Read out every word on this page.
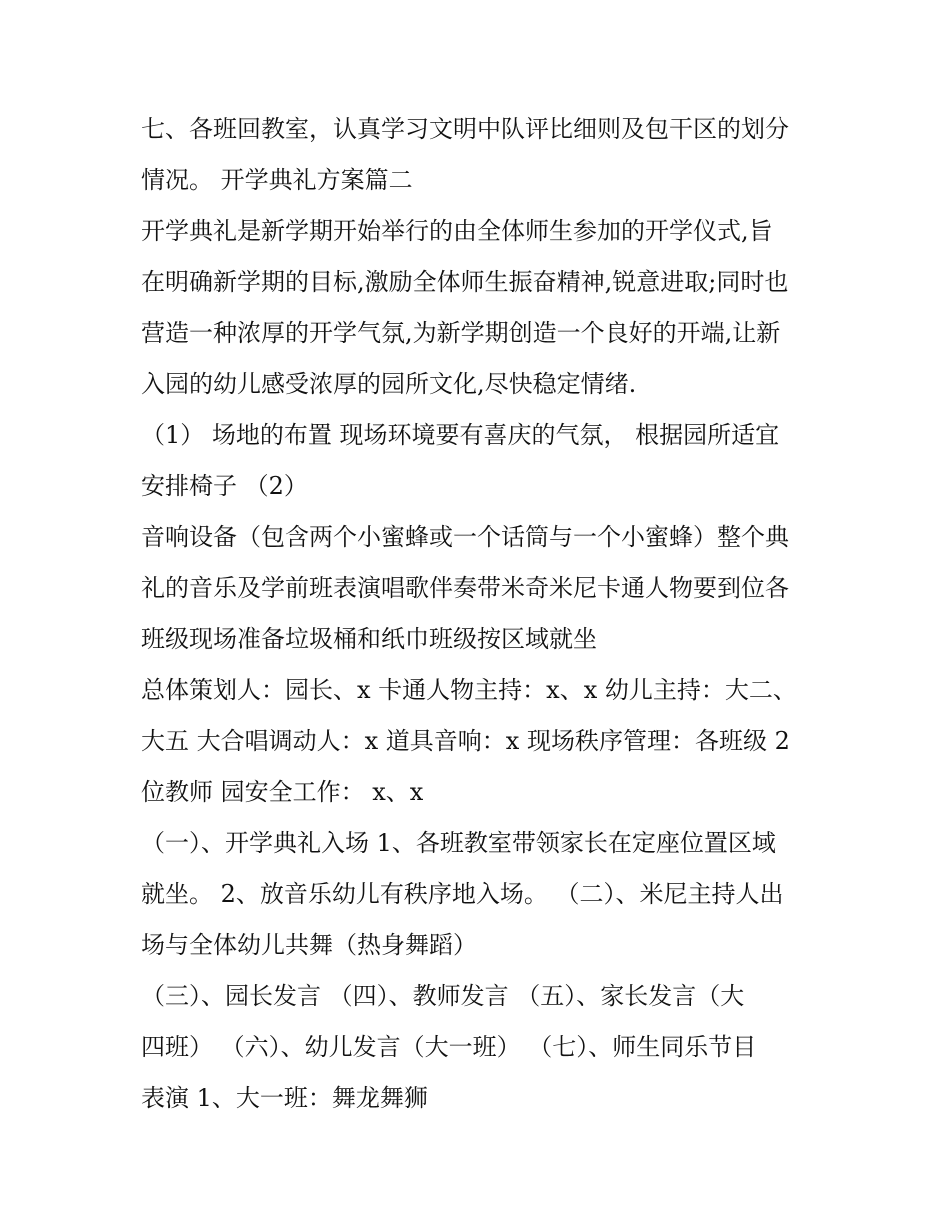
七、各班回教室，认真学习文明中队评比细则及包干区的划分
情况。 开学典礼方案篇二
开学典礼是新学期开始举行的由全体师生参加的开学仪式,旨
在明确新学期的目标,激励全体师生振奋精神,锐意进取;同时也
营造一种浓厚的开学气氛,为新学期创造一个良好的开端,让新
入园的幼儿感受浓厚的园所文化,尽快稳定情绪.
（1） 场地的布置 现场环境要有喜庆的气氛， 根据园所适宜
安排椅子 （2）
音响设备（包含两个小蜜蜂或一个话筒与一个小蜜蜂）整个典
礼的音乐及学前班表演唱歌伴奏带米奇米尼卡通人物要到位各
班级现场准备垃圾桶和纸巾班级按区域就坐
总体策划人：园长、x 卡通人物主持：x、x 幼儿主持：大二、
大五 大合唱调动人：x 道具音响：x 现场秩序管理：各班级 2
位教师 园安全工作： x、x
（一）、开学典礼入场 1、各班教室带领家长在定座位置区域
就坐。 2、放音乐幼儿有秩序地入场。 （二）、米尼主持人出
场与全体幼儿共舞（热身舞蹈）
（三）、园长发言 （四）、教师发言 （五）、家长发言（大
四班） （六）、幼儿发言（大一班） （七）、师生同乐节目
表演 1、大一班：舞龙舞狮
